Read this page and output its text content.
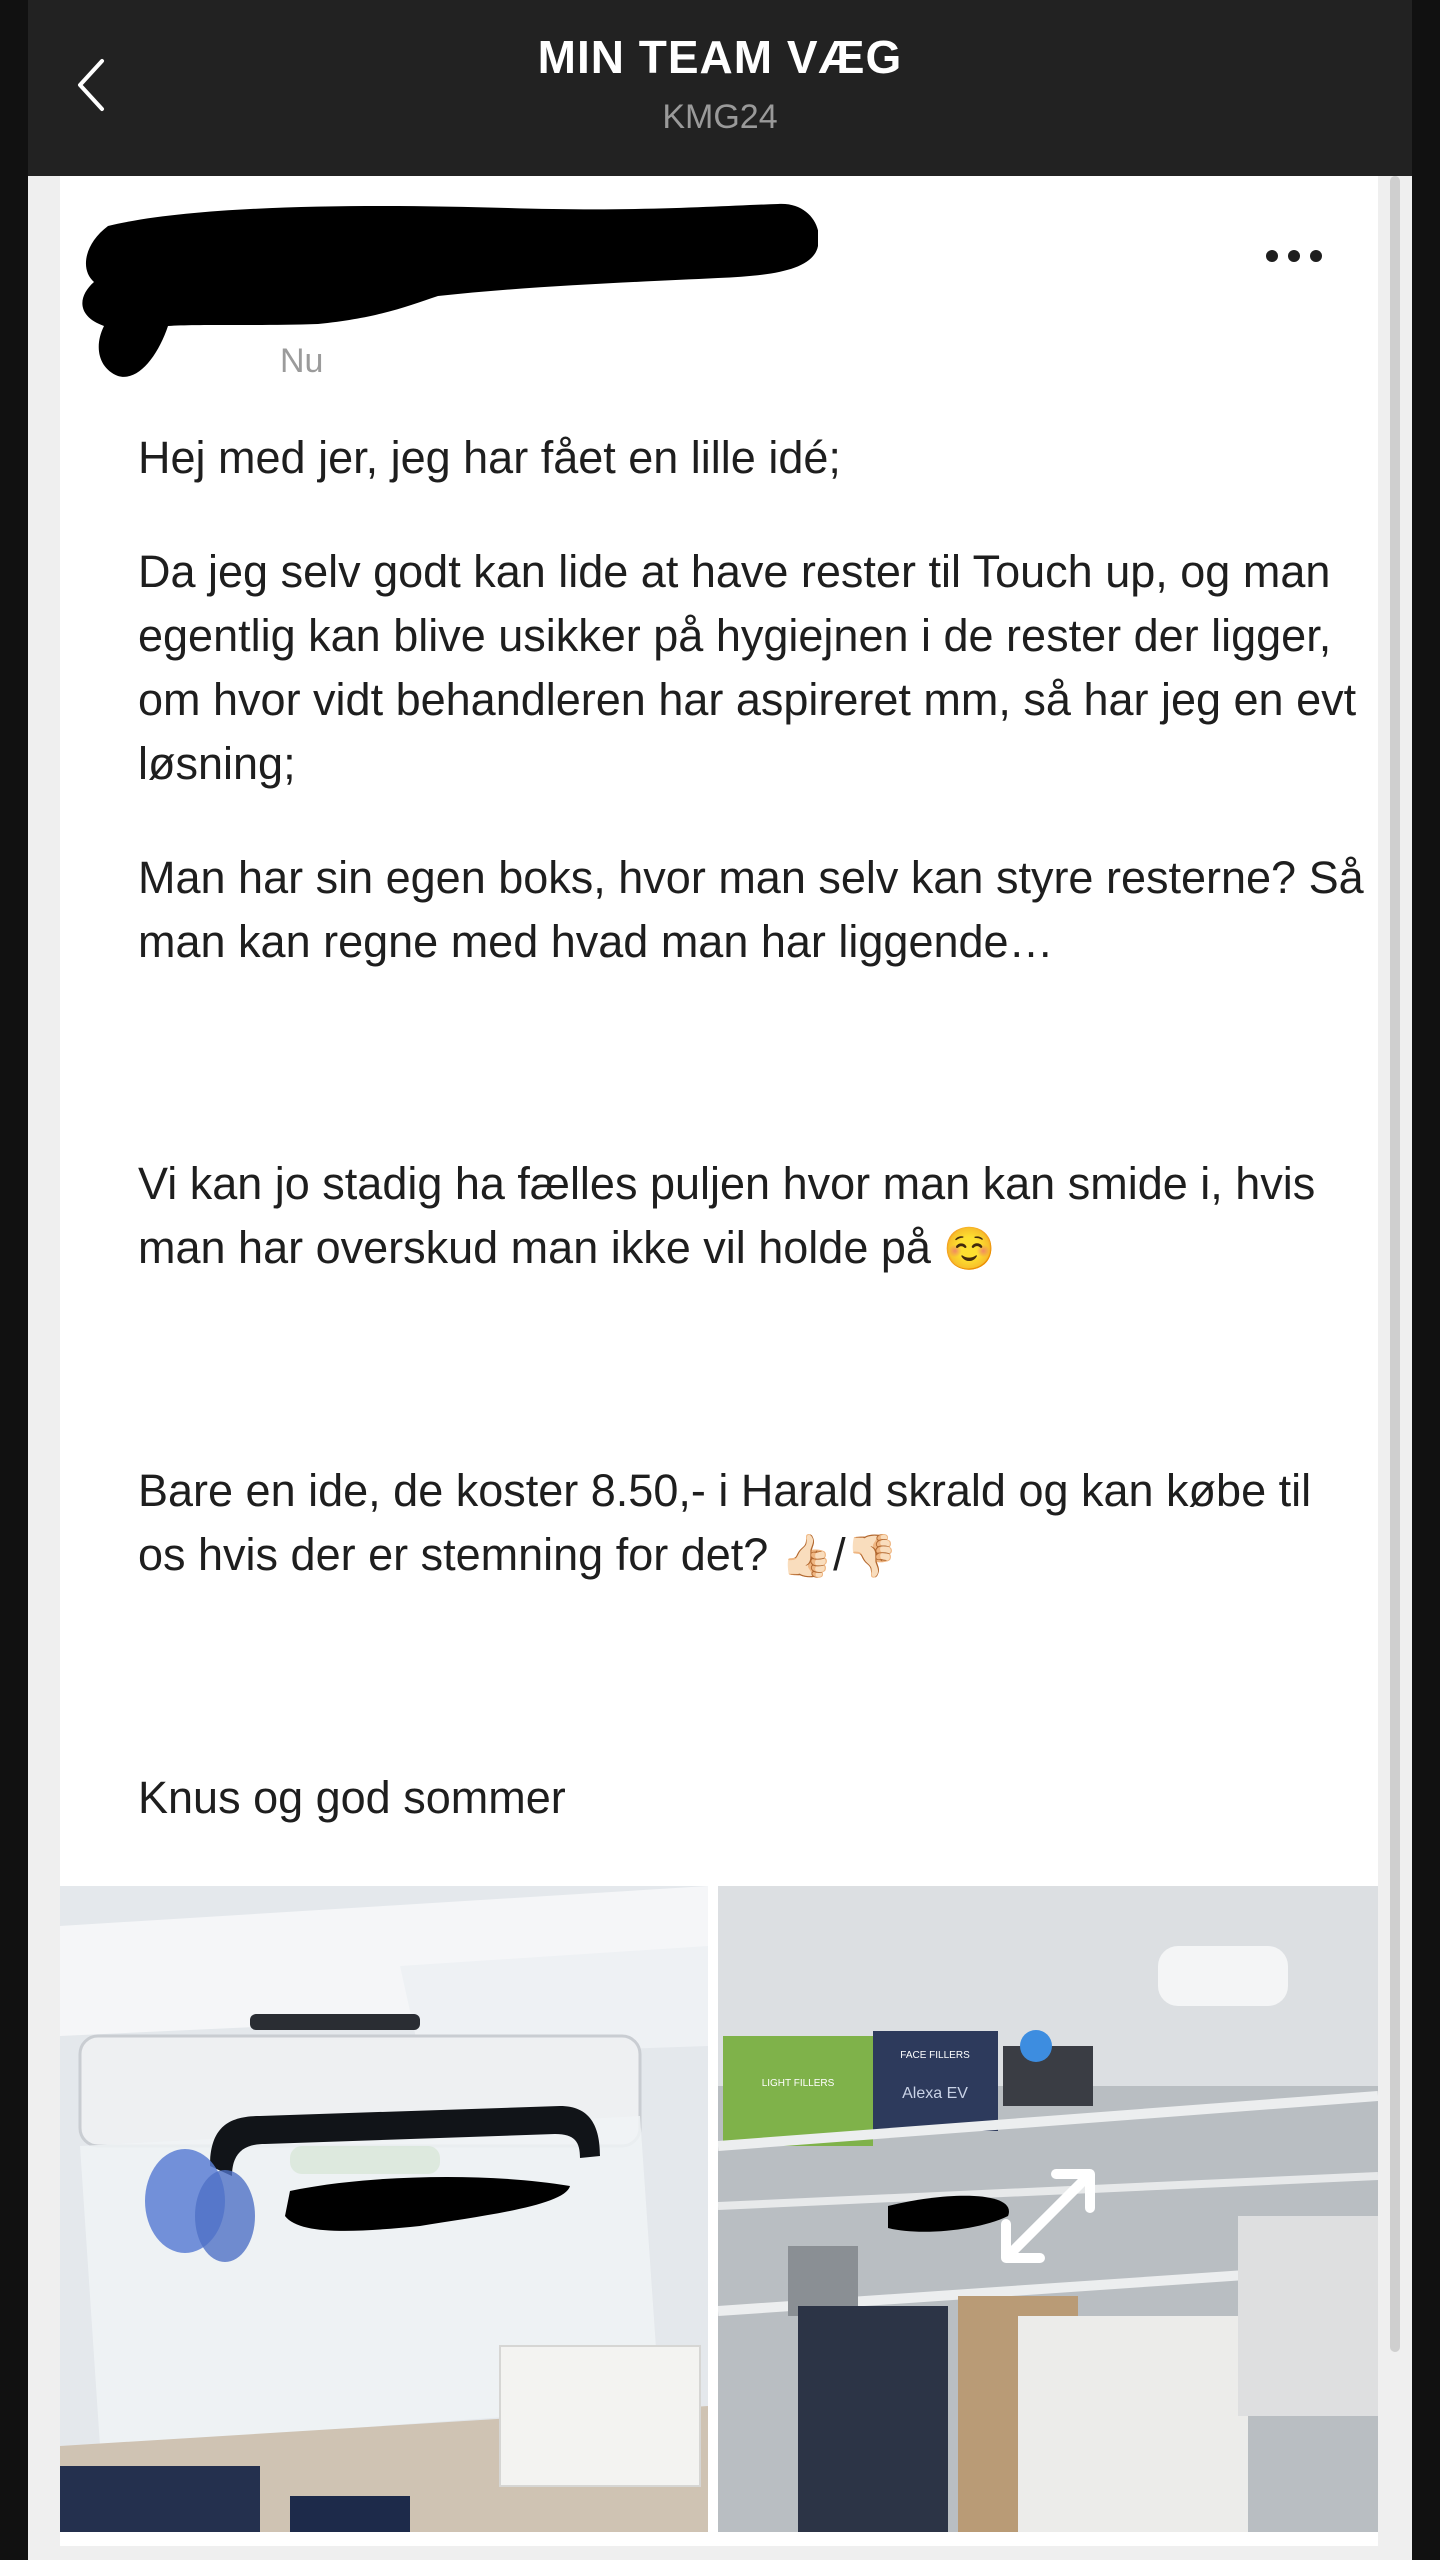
MIN TEAM VÆG
KMG24
Nu

Hej med jer, jeg har fået en lille idé;

Da jeg selv godt kan lide at have rester til Touch up, og man egentlig kan blive usikker på hygiejnen i de rester der ligger, om hvor vidt behandleren har aspireret mm, så har jeg en evt løsning;

Man har sin egen boks, hvor man selv kan styre resterne? Så man kan regne med hvad man har liggende…

Vi kan jo stadig ha fælles puljen hvor man kan smide i, hvis man har overskud man ikke vil holde på ☺️

Bare en ide, de koster 8.50,- i Harald skrald og kan købe til os hvis der er stemning for det? 👍🏻/👎🏻

Knus og god sommer

LIGHT FILLERS
FACE FILLERS
Alexa EV
